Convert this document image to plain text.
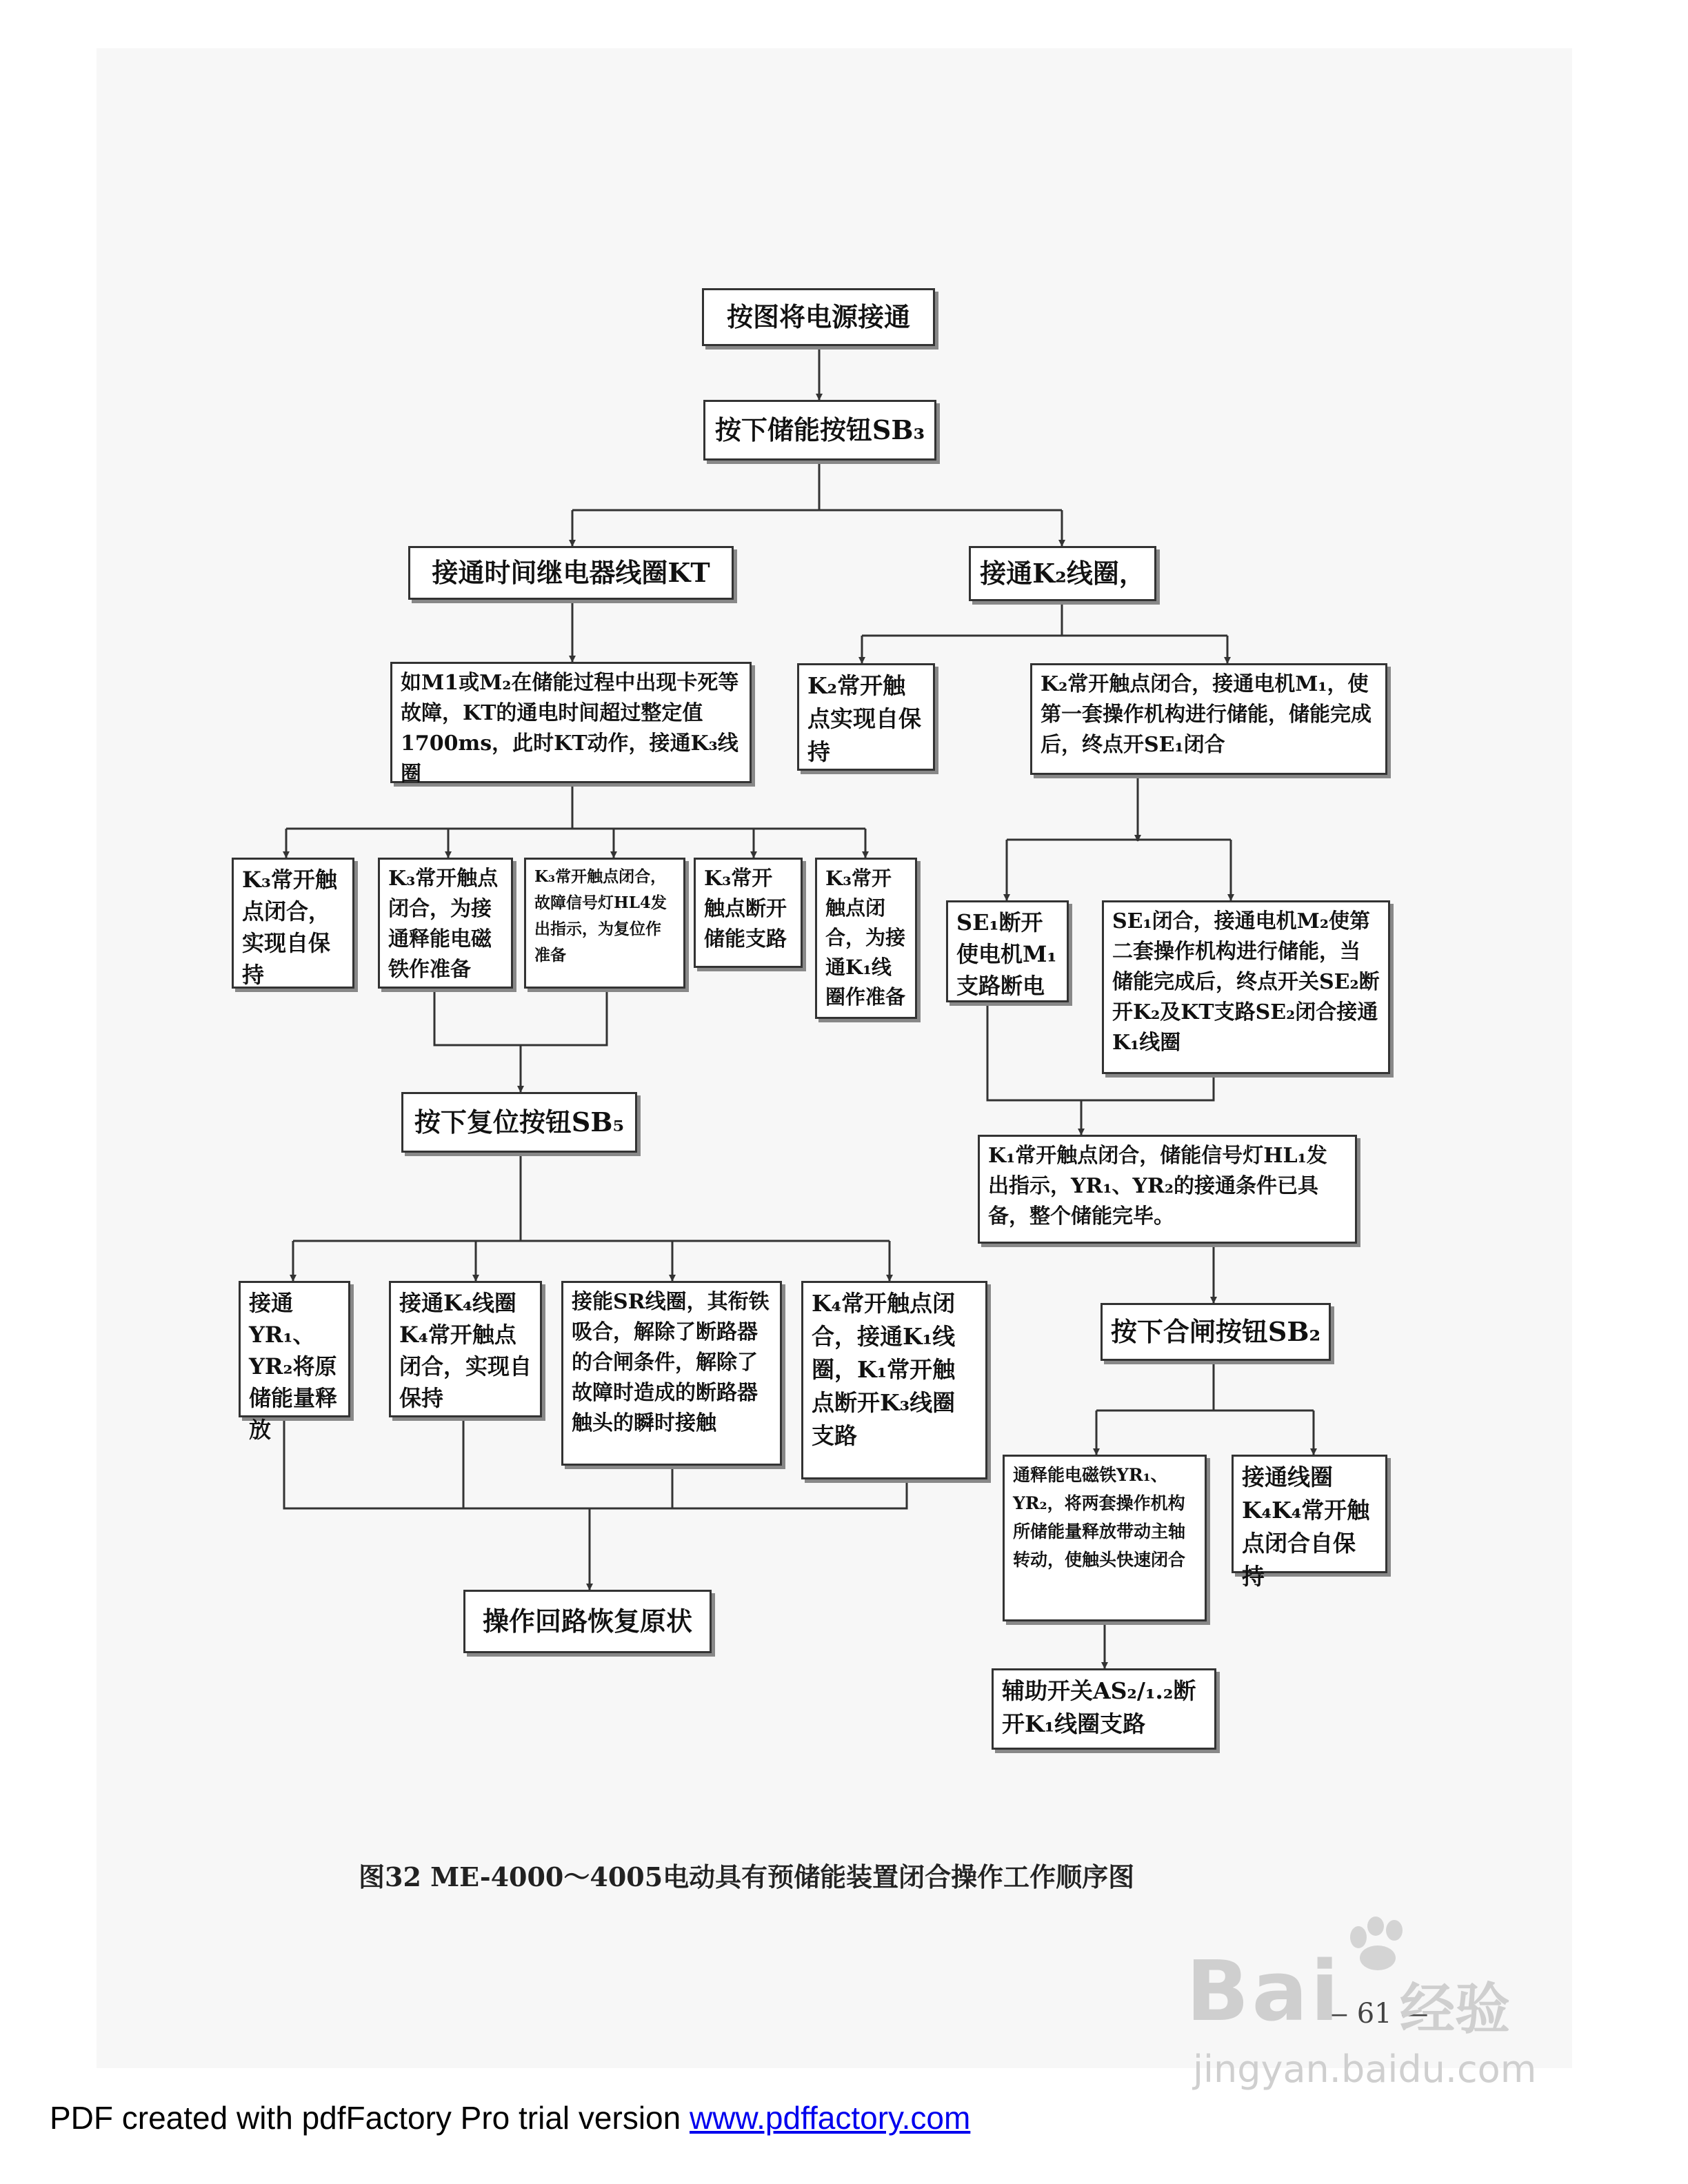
按图将电源接通
按下储能按钮SB₃
接通时间继电器线圈KT	接通K₂线圈，
如M1或M₂在储能过程中出现卡死等故障，KT的通电时间超过整定值1700ms，此时KT动作，接通K₃线圈
K₂常开触点实现自保持
K₂常开触点闭合，接通电机M₁，使第一套操作机构进行储能，储能完成后，终点开SE₁闭合
K₃常开触点闭合，实现自保持
K₃常开触点闭合，为接通释能电磁铁作准备
K₃常开触点闭合，故障信号灯HL4发出指示，为复位作准备
K₃常开触点断开储能支路
K₃常开触点闭合，为接通K₁线圈作准备
SE₁断开使电机M₁支路断电
SE₁闭合，接通电机M₂使第二套操作机构进行储能，当储能完成后，终点开关SE₂断开K₂及KT支路SE₂闭合接通K₁线圈
按下复位按钮SB₅
K₁常开触点闭合，储能信号灯HL₁发出指示，YR₁、YR₂的接通条件已具备，整个储能完毕。
接通YR₁、YR₂将原储能量释放
接通K₄线圈K₄常开触点闭合，实现自保持
接能SR线圈，其衔铁吸合，解除了断路器的合闸条件，解除了故障时造成的断路器触头的瞬时接触
K₄常开触点闭合，接通K₁线圈，K₁常开触点断开K₃线圈支路
按下合闸按钮SB₂
通释能电磁铁YR₁、YR₂，将两套操作机构所储能量释放带动主轴转动，使触头快速闭合
接通线圈K₄K₄常开触点闭合自保持
操作回路恢复原状
辅助开关AS₂/₁.₂断开K₁线圈支路
图32 ME-4000～4005电动具有预储能装置闭合操作工作顺序图
— 61 —
Bai 经验
jingyan.baidu.com
PDF created with pdfFactory Pro trial version www.pdffactory.com
